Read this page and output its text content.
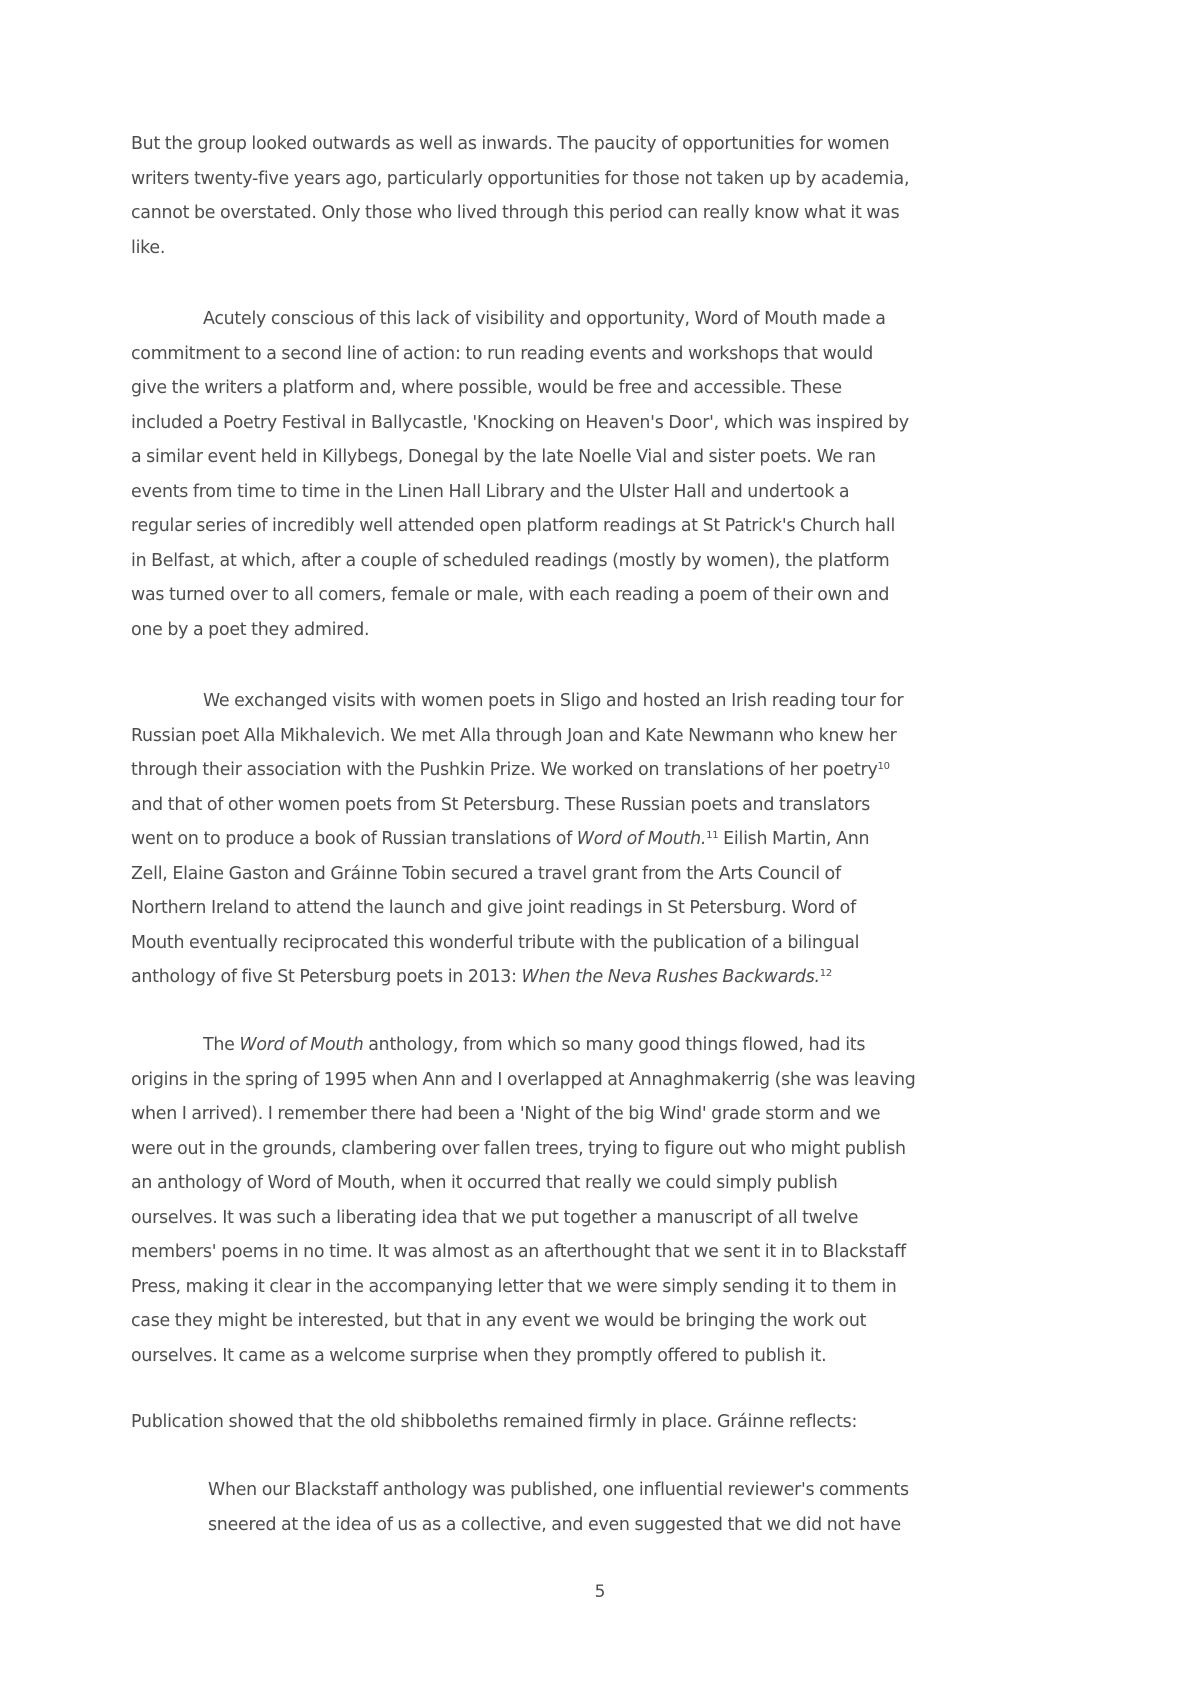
But the group looked outwards as well as inwards. The paucity of opportunities for women
writers twenty-five years ago, particularly opportunities for those not taken up by academia,
cannot be overstated. Only those who lived through this period can really know what it was
like.

Acutely conscious of this lack of visibility and opportunity, Word of Mouth made a
commitment to a second line of action: to run reading events and workshops that would
give the writers a platform and, where possible, would be free and accessible. These
included a Poetry Festival in Ballycastle, 'Knocking on Heaven's Door', which was inspired by
a similar event held in Killybegs, Donegal by the late Noelle Vial and sister poets. We ran
events from time to time in the Linen Hall Library and the Ulster Hall and undertook a
regular series of incredibly well attended open platform readings at St Patrick's Church hall
in Belfast, at which, after a couple of scheduled readings (mostly by women), the platform
was turned over to all comers, female or male, with each reading a poem of their own and
one by a poet they admired.

We exchanged visits with women poets in Sligo and hosted an Irish reading tour for
Russian poet Alla Mikhalevich. We met Alla through Joan and Kate Newmann who knew her
through their association with the Pushkin Prize. We worked on translations of her poetry$^{10}$
and that of other women poets from St Petersburg. These Russian poets and translators
went on to produce a book of Russian translations of Word of Mouth.$^{11}$ Eilish Martin, Ann
Zell, Elaine Gaston and Gráinne Tobin secured a travel grant from the Arts Council of
Northern Ireland to attend the launch and give joint readings in St Petersburg. Word of
Mouth eventually reciprocated this wonderful tribute with the publication of a bilingual
anthology of five St Petersburg poets in 2013: When the Neva Rushes Backwards.$^{12}$

The Word of Mouth anthology, from which so many good things flowed, had its
origins in the spring of 1995 when Ann and I overlapped at Annaghmakerrig (she was leaving
when I arrived). I remember there had been a 'Night of the big Wind' grade storm and we
were out in the grounds, clambering over fallen trees, trying to figure out who might publish
an anthology of Word of Mouth, when it occurred that really we could simply publish
ourselves. It was such a liberating idea that we put together a manuscript of all twelve
members' poems in no time. It was almost as an afterthought that we sent it in to Blackstaff
Press, making it clear in the accompanying letter that we were simply sending it to them in
case they might be interested, but that in any event we would be bringing the work out
ourselves. It came as a welcome surprise when they promptly offered to publish it.

Publication showed that the old shibboleths remained firmly in place. Gráinne reflects:

When our Blackstaff anthology was published, one influential reviewer's comments
sneered at the idea of us as a collective, and even suggested that we did not have

5
